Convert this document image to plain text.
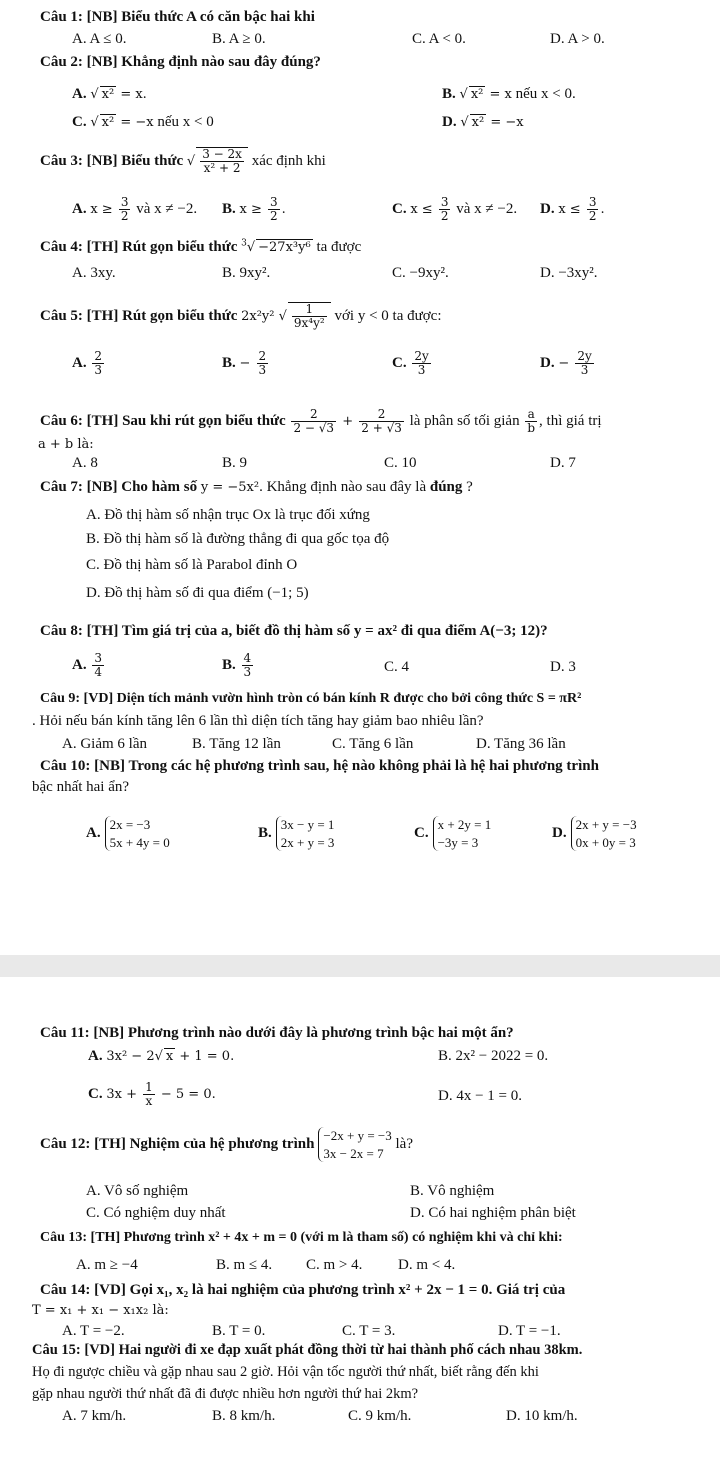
Câu 1: [NB] Biểu thức A có căn bậc hai khi
A. A ≤ 0.	B. A ≥ 0.	C. A < 0.	D. A > 0.
Câu 2: [NB] Khẳng định nào sau đây đúng?
A. √ x² = x.	B. √ x² = x nếu x < 0.
C. √ x² = −x nếu x < 0	D. √ x² = −x
Câu 3: [NB] Biểu thức √ $\frac{3 - 2x}{\text{x² + 2}}$ xác định khi
A. $x \ge \frac{3}{2}$ và x ≠ −2. B. $x \ge \frac{3}{2}$ .	C. $x \le \frac{3}{2}$ và x ≠ −2. D. $x \le \frac{3}{2}$ .
Câu 4: [TH] Rút gọn biểu thức $^3$√ −27x³y⁶ ta được
A. 3xy.	B. 9xy².	C. −9xy².	D. −3xy².
Câu 5: [TH] Rút gọn biểu thức 2x²y² √ $\frac{1}{\text{9x⁴y²}}$ với y < 0 ta được:
A. $\frac{2}{3}$	B. − $\frac{2}{3}$	C. $\frac{2y}{3}$	D. − $\frac{2y}{3}$
Câu 6: [TH] Sau khi rút gọn biểu thức $\frac{2}{2 - √3} + \frac{2}{2 + √3}$ là phân số tối giản $\frac{a}{b}$ , thì giá trị
a + b là:
A. 8	B. 9	C. 10	D. 7
Câu 7: [NB] Cho hàm số y = −5x². Khẳng định nào sau đây là đúng ?
A. Đồ thị hàm số nhận trục Ox là trục đối xứng
B. Đồ thị hàm số là đường thẳng đi qua gốc tọa độ
C. Đồ thị hàm số là Parabol đỉnh O
D. Đồ thị hàm số đi qua điểm (−1; 5)
Câu 8: [TH] Tìm giá trị của a, biết đồ thị hàm số y = ax² đi qua điểm A(−3; 12)?
A. $\frac{3}{4}$	B. $\frac{4}{3}$	C. 4	D. 3
Câu 9: [VD] Diện tích mảnh vườn hình tròn có bán kính R được cho bởi công thức S = πR²
. Hỏi nếu bán kính tăng lên 6 lần thì diện tích tăng hay giảm bao nhiêu lần?
A. Giảm 6 lần	B. Tăng 12 lần	C. Tăng 6 lần	D. Tăng 36 lần
Câu 10: [NB] Trong các hệ phương trình sau, hệ nào không phải là hệ hai phương trình
bậc nhất hai ẩn?
A.
2x = −3
5x + 4y = 0
B.
3x − y = 1
2x + y = 3
C.
x + 2y = 1
−3y = 3
D.
2x + y = −3
0x + 0y = 3
Câu 11: [NB] Phương trình nào dưới đây là phương trình bậc hai một ẩn?
A. 3x² − 2√ x + 1 = 0.	B. 2x² − 2022 = 0.
C. $3x + \frac{1}{x} - 5 = 0$.	D. 4x − 1 = 0.
Câu 12: [TH] Nghiệm của hệ phương trình
−2x + y = −3
3x − 2x = 7
là?
A. Vô số nghiệm	B. Vô nghiệm
C. Có nghiệm duy nhất	D. Có hai nghiệm phân biệt
Câu 13: [TH] Phương trình x² + 4x + m = 0 (với m là tham số) có nghiệm khi và chỉ khi:
A. m ≥ −4	B. m ≤ 4. C. m > 4. D. m < 4.
Câu 14: [VD] Gọi x₁, x₂ là hai nghiệm của phương trình x² + 2x − 1 = 0. Giá trị của
T = x₁ + x₁ − x₁x₂ là:
A. T = −2.	B. T = 0.	C. T = 3.	D. T = −1.
Câu 15: [VD] Hai người đi xe đạp xuất phát đồng thời từ hai thành phố cách nhau 38km.
Họ đi ngược chiều và gặp nhau sau 2 giờ. Hỏi vận tốc người thứ nhất, biết rằng đến khi
gặp nhau người thứ nhất đã đi được nhiều hơn người thứ hai 2km?
A. 7 km/h.	B. 8 km/h.	C. 9 km/h.	D. 10 km/h.
